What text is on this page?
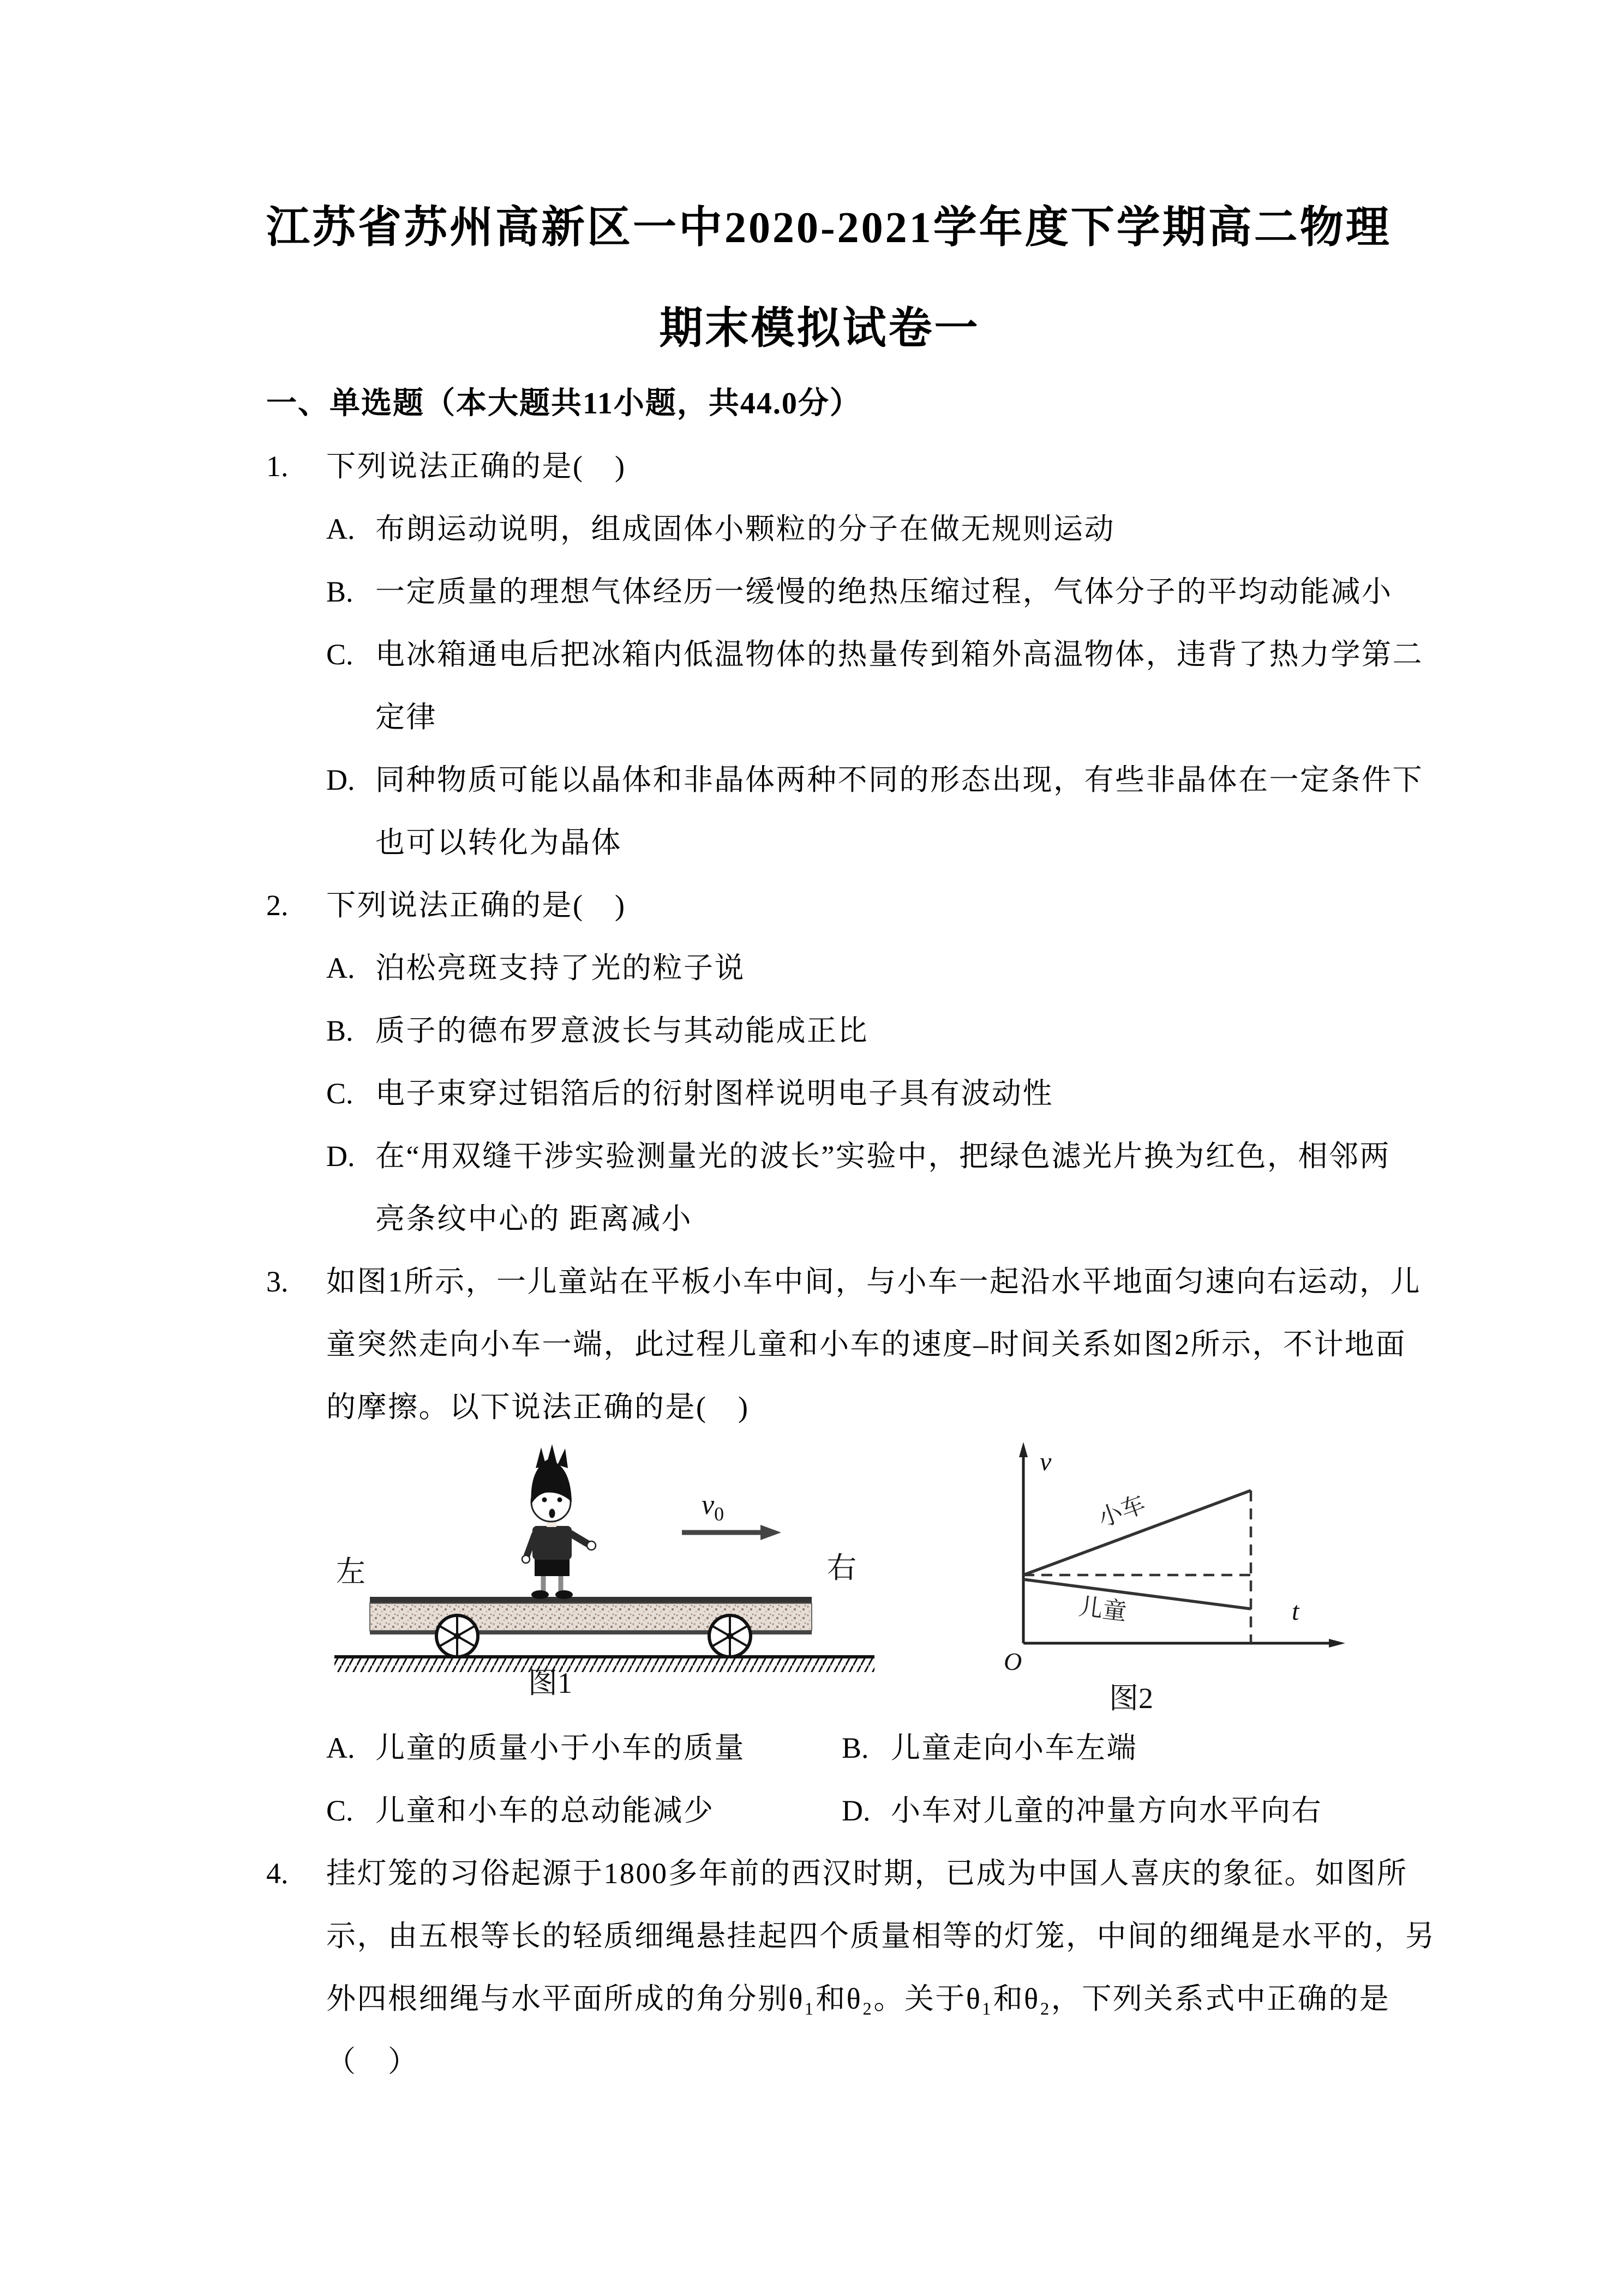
江苏省苏州高新区一中2020-2021学年度下学期高二物理
期末模拟试卷一
一、单选题（本大题共11小题，共44.0分）
1.	下列说法正确的是(　)
A. 布朗运动说明，组成固体小颗粒的分子在做无规则运动
B. 一定质量的理想气体经历一缓慢的绝热压缩过程，气体分子的平均动能减小
C. 电冰箱通电后把冰箱内低温物体的热量传到箱外高温物体，违背了热力学第二
定律
D. 同种物质可能以晶体和非晶体两种不同的形态出现，有些非晶体在一定条件下
也可以转化为晶体
2.	下列说法正确的是(　)
A. 泊松亮斑支持了光的粒子说
B. 质子的德布罗意波长与其动能成正比
C. 电子束穿过铝箔后的衍射图样说明电子具有波动性
D. 在“用双缝干涉实验测量光的波长”实验中，把绿色滤光片换为红色，相邻两
亮条纹中心的 距离减小
3.	如图1所示，一儿童站在平板小车中间，与小车一起沿水平地面匀速向右运动，儿
童突然走向小车一端，此过程儿童和小车的速度–时间关系如图2所示，不计地面
的摩擦。以下说法正确的是(　)
左	右
$v_0$
图1
v
t
O
小车
儿童
图2
A. 儿童的质量小于小车的质量	B. 儿童走向小车左端
C. 儿童和小车的总动能减少	D. 小车对儿童的冲量方向水平向右
4.	挂灯笼的习俗起源于1800多年前的西汉时期，已成为中国人喜庆的象征。如图所
示，由五根等长的轻质细绳悬挂起四个质量相等的灯笼，中间的细绳是水平的，另
外四根细绳与水平面所成的角分别θ₁和θ₂。关于θ₁和θ₂，下列关系式中正确的是
（　）
